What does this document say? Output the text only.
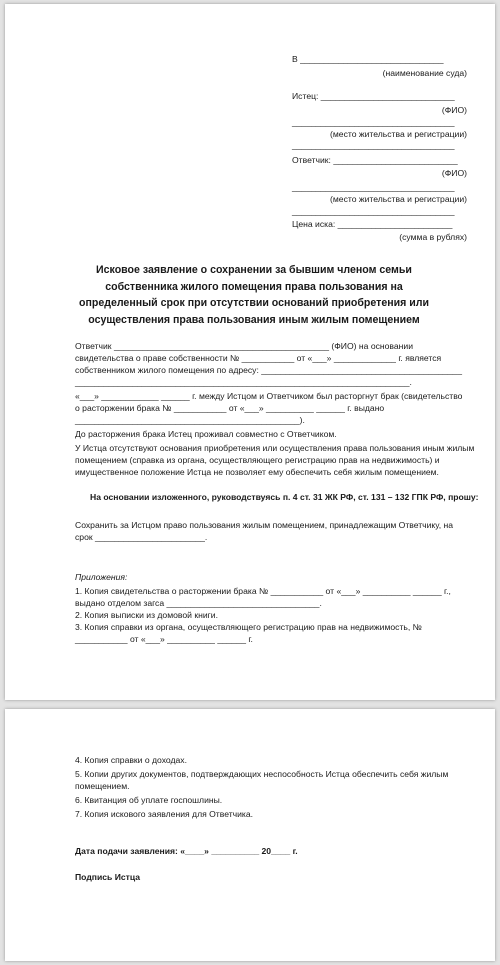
В ______________________________
(наименование суда)
Истец: ____________________________
(ФИО)
__________________________________
(место жительства и регистрации)
__________________________________
Ответчик: __________________________
(ФИО)
__________________________________
(место жительства и регистрации)
__________________________________
Цена иска: ________________________
(сумма в рублях)
Исковое заявление о сохранении за бывшим членом семьи собственника жилого помещения права пользования на определенный срок при отсутствии оснований приобретения или осуществления права пользования иным жилым помещением
Ответчик _____________________________________________ (ФИО) на основании
свидетельства о праве собственности № ___________ от «___» _____________ г. является
собственником жилого помещения по адресу: __________________________________________
______________________________________________________________________.
«___» ____________ ______ г. между Истцом и Ответчиком был расторгнут брак (свидетельство
о расторжении брака № ___________ от «___» __________ ______ г. выдано
_______________________________________________).
До расторжения брака Истец проживал совместно с Ответчиком.
У Истца отсутствуют основания приобретения или осуществления права пользования иным жилым
помещением (справка из органа, осуществляющего регистрацию прав на недвижимость) и
имущественное положение Истца не позволяет ему обеспечить себя жилым помещением.
На основании изложенного, руководствуясь п. 4 ст. 31 ЖК РФ, ст. 131 – 132 ГПК РФ, прошу:
Сохранить за Истцом право пользования жилым помещением, принадлежащим Ответчику, на
срок _______________________.
Приложения:
1. Копия свидетельства о расторжении брака № ___________ от «___» __________ ______ г.,
выдано отделом загса ________________________________.
2. Копия выписки из домовой книги.
3. Копия справки из органа, осуществляющего регистрацию прав на недвижимость, №
___________ от «___» __________ ______ г.
4. Копия справки о доходах.
5. Копии других документов, подтверждающих неспособность Истца обеспечить себя жилым
помещением.
6. Квитанция об уплате госпошлины.
7. Копия искового заявления для Ответчика.
Дата подачи заявления: «____» __________ 20____ г.
Подпись Истца
